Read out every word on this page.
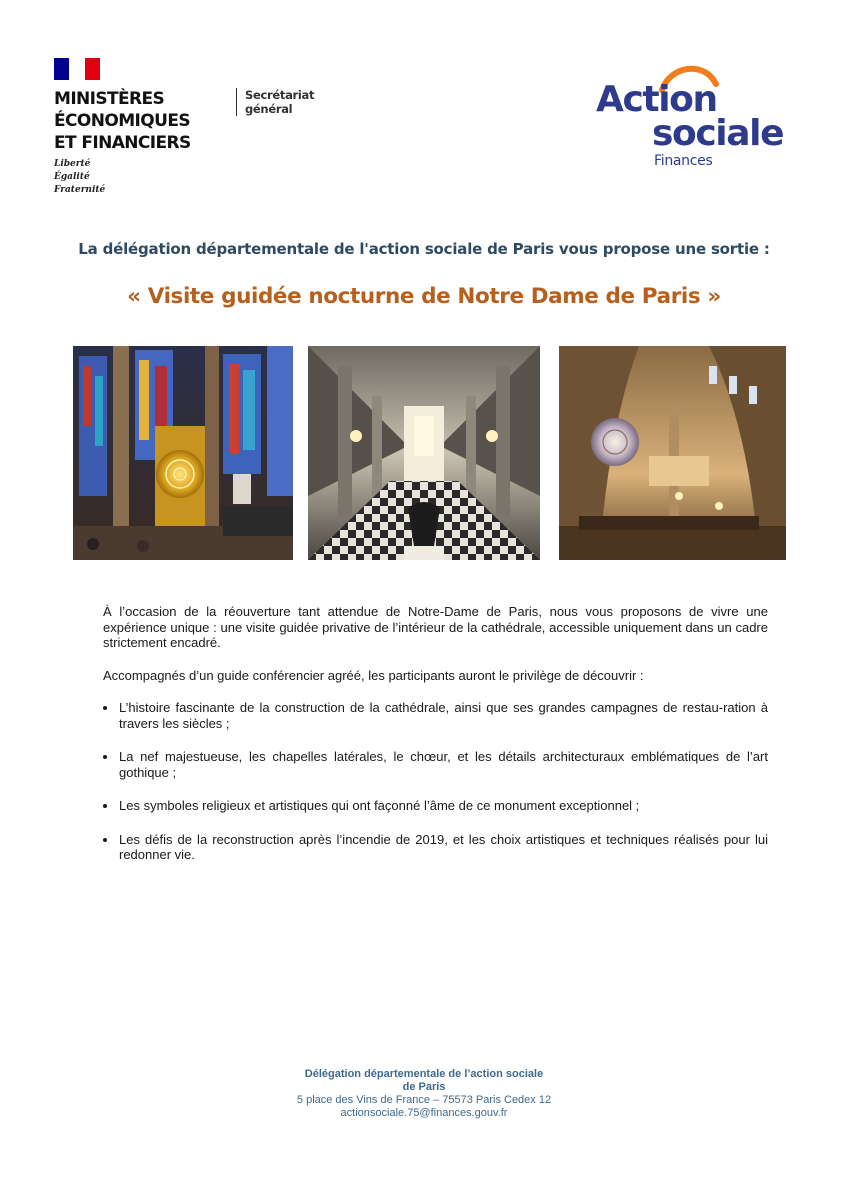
MINISTÈRES
ÉCONOMIQUES
ET FINANCIERS
Liberté
Égalité
Fraternité
Secrétariat
général	Action
sociale
Finances
La délégation départementale de l'action sociale de Paris vous propose une sortie :
« Visite guidée nocturne de Notre Dame de Paris »

À l’occasion de la réouverture tant attendue de Notre-Dame de Paris, nous vous proposons de vivre une expérience unique : une visite guidée privative de l’intérieur de la cathédrale, accessible uniquement dans un cadre strictement encadré.

Accompagnés d’un guide conférencier agréé, les participants auront le privilège de découvrir :

L’histoire fascinante de la construction de la cathédrale, ainsi que ses grandes campagnes de restau-ration à travers les siècles ;
La nef majestueuse, les chapelles latérales, le chœur, et les détails architecturaux emblématiques de l’art gothique ;
Les symboles religieux et artistiques qui ont façonné l’âme de ce monument exceptionnel ;
Les défis de la reconstruction après l’incendie de 2019, et les choix artistiques et techniques réalisés pour lui redonner vie.
Délégation départementale de l’action sociale
de Paris
5 place des Vins de France – 75573 Paris Cedex 12
actionsociale.75@finances.gouv.fr
